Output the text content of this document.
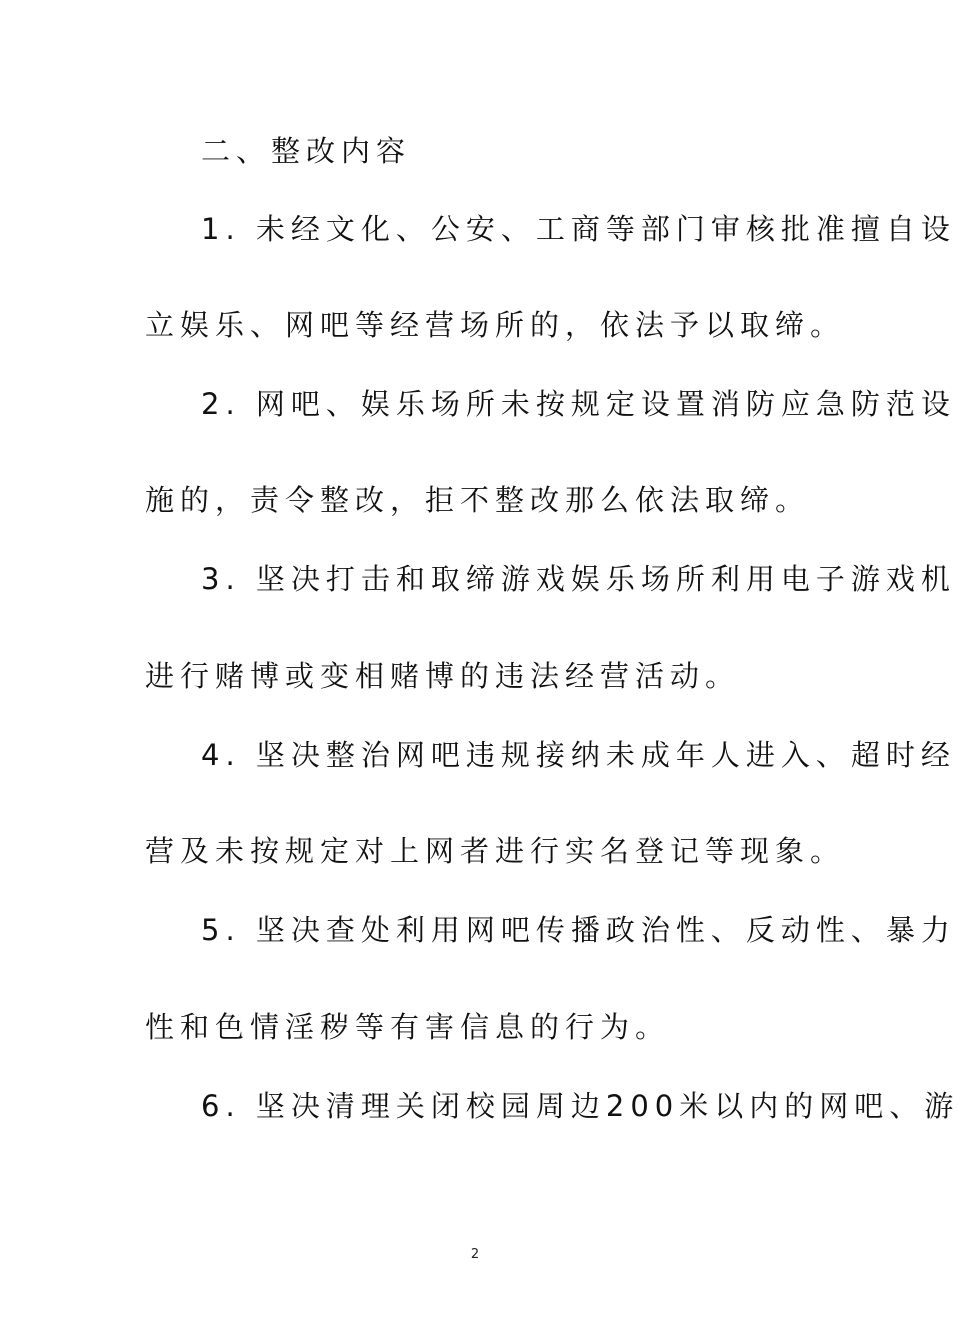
二、整改内容
1. 未经文化、公安、工商等部门审核批准擅自设
立娱乐、网吧等经营场所的，依法予以取缔。
2. 网吧、娱乐场所未按规定设置消防应急防范设
施的，责令整改，拒不整改那么依法取缔。
3. 坚决打击和取缔游戏娱乐场所利用电子游戏机
进行赌博或变相赌博的违法经营活动。
4. 坚决整治网吧违规接纳未成年人进入、超时经
营及未按规定对上网者进行实名登记等现象。
5. 坚决查处利用网吧传播政治性、反动性、暴力
性和色情淫秽等有害信息的行为。
6. 坚决清理关闭校园周边200米以内的网吧、游
2
